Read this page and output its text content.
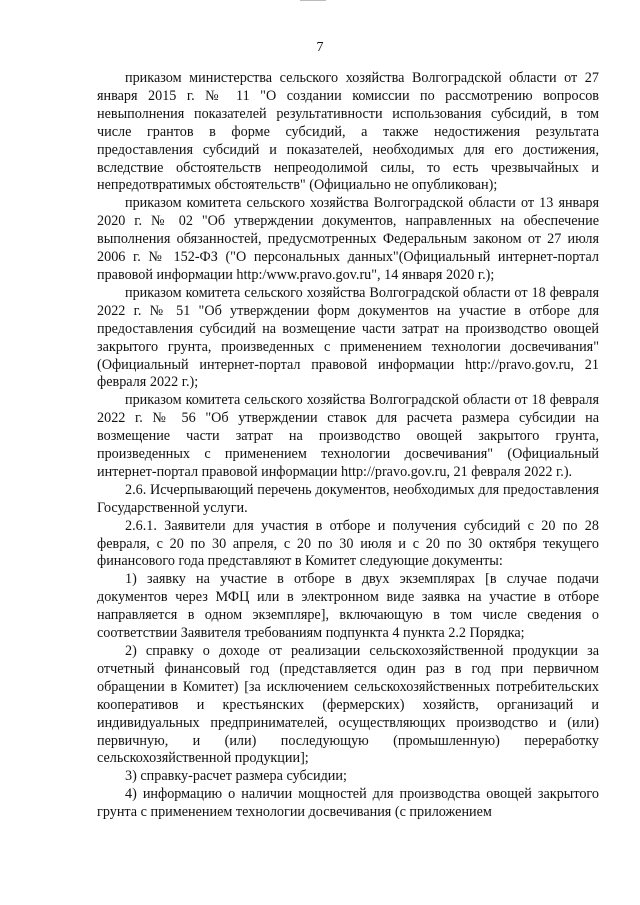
7

приказом министерства сельского хозяйства Волгоградской области от 27 января 2015 г. № 11 "О создании комиссии по рассмотрению вопросов невыполнения показателей результативности использования субсидий, в том числе грантов в форме субсидий, а также недостижения результата предоставления субсидий и показателей, необходимых для его достижения, вследствие обстоятельств непреодолимой силы, то есть чрезвычайных и непредотвратимых обстоятельств" (Официально не опубликован);

приказом комитета сельского хозяйства Волгоградской области от 13 января 2020 г. № 02 "Об утверждении документов, направленных на обеспечение выполнения обязанностей, предусмотренных Федеральным законом от 27 июля 2006 г. № 152-ФЗ ("О персональных данных"(Официальный интернет-портал правовой информации http:/www.pravo.gov.ru", 14 января 2020 г.);

приказом комитета сельского хозяйства Волгоградской области от 18 февраля 2022 г. № 51 "Об утверждении форм документов на участие в отборе для предоставления субсидий на возмещение части затрат на производство овощей закрытого грунта, произведенных с применением технологии досвечивания" (Официальный интернет-портал правовой информации http://pravo.gov.ru, 21 февраля 2022 г.);

приказом комитета сельского хозяйства Волгоградской области от 18 февраля 2022 г. № 56 "Об утверждении ставок для расчета размера субсидии на возмещение части затрат на производство овощей закрытого грунта, произведенных с применением технологии досвечивания" (Официальный интернет-портал правовой информации http://pravo.gov.ru, 21 февраля 2022 г.).

2.6. Исчерпывающий перечень документов, необходимых для предоставления Государственной услуги.

2.6.1. Заявители для участия в отборе и получения субсидий с 20 по 28 февраля, с 20 по 30 апреля, с 20 по 30 июля и с 20 по 30 октября текущего финансового года представляют в Комитет следующие документы:

1) заявку на участие в отборе в двух экземплярах [в случае подачи документов через МФЦ или в электронном виде заявка на участие в отборе направляется в одном экземпляре], включающую в том числе сведения о соответствии Заявителя требованиям подпункта 4 пункта 2.2 Порядка;

2) справку о доходе от реализации сельскохозяйственной продукции за отчетный финансовый год (представляется один раз в год при первичном обращении в Комитет) [за исключением сельскохозяйственных потребительских кооперативов и крестьянских (фермерских) хозяйств, организаций и индивидуальных предпринимателей, осуществляющих производство и (или) первичную, и (или) последующую (промышленную) переработку сельскохозяйственной продукции];

3) справку-расчет размера субсидии;

4) информацию о наличии мощностей для производства овощей закрытого грунта с применением технологии досвечивания (с приложением
